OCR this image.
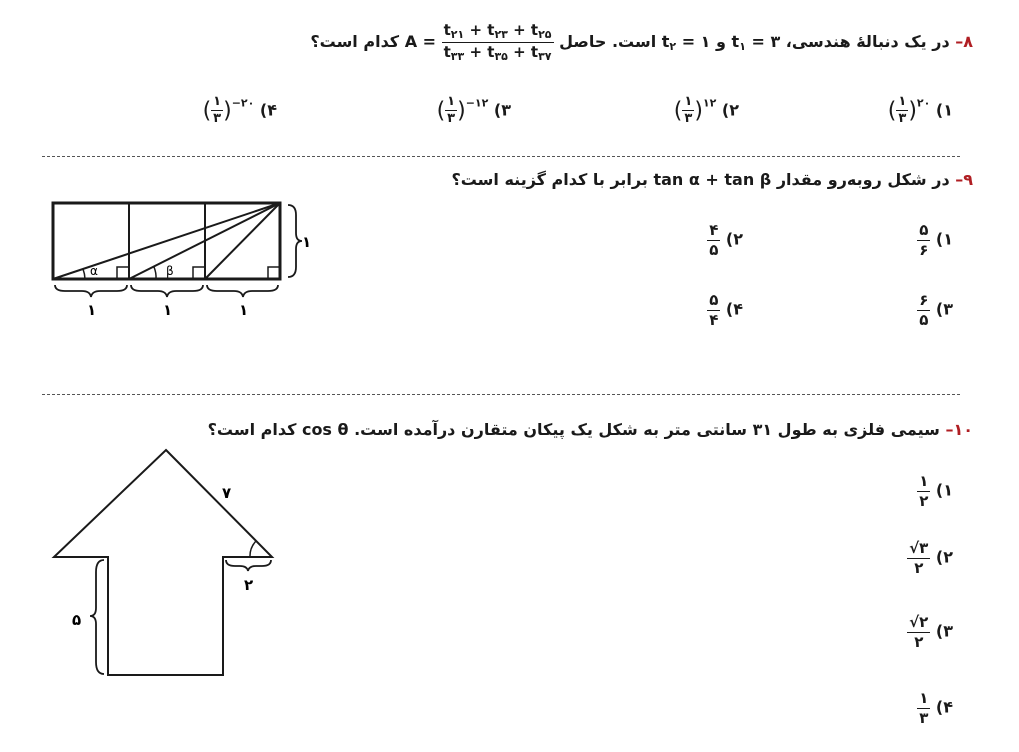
۸– در یک دنبالهٔ هندسی، $t_۱$ = ۳ و $t_۲$ = ۱ است. حاصل $A = \frac{t_{۲۱} + t_{۲۳} + t_{۲۵}}{t_{۳۳} + t_{۳۵} + t_{۳۷}}$
کدام است؟
۱) ( $\frac{۱}{۳} )^{۲۰}$
۲) ( $\frac{۱}{۳} )^{۱۲}$
۳) ( $\frac{۱}{۳} )^{-۱۲}$
۴) ( $\frac{۱}{۳} )^{-۲۰}$
۹– در شکل روبه‌رو مقدار tan α + tan β برابر با کدام گزینه است؟
α	β
۱
۱	۱	۱
۱)
$\frac{۵}{۶}$
۲)
$\frac{۴}{۵}$
۳)
$\frac{۶}{۵}$
۴)
$\frac{۵}{۴}$
۱۰– سیمی فلزی به طول ۳۱ سانتی متر به شکل یک پیکان متقارن درآمده است. cos θ کدام است؟
۷
۲
۵
۱)
$\frac{۱}{۲}$
۲)
$\frac{√۳}{۲}$
۳)
$\frac{√۲}{۲}$
۴)
$\frac{۱}{۳}$
